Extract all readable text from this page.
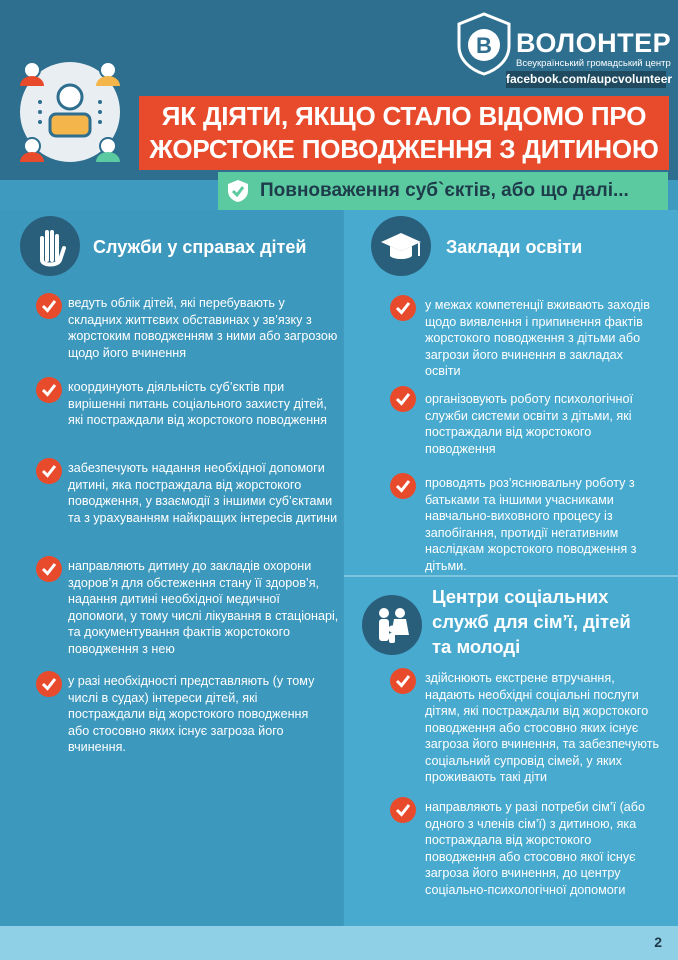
В ВОЛОНТЕР
Всеукраїнський громадський центр
facebook.com/aupcvolunteer
ЯК ДІЯТИ, ЯКЩО СТАЛО ВІДОМО ПРО
ЖОРСТОКЕ ПОВОДЖЕННЯ З ДИТИНОЮ
Повноваження суб`єктів, або що далі...
Служби у справах дітей
ведуть облік дітей, які перебувають у складних життєвих обставинах у зв’язку з жорстоким поводженням з ними або загрозою щодо його вчинення
координують діяльність суб’єктів при вирішенні питань соціального захисту дітей, які постраждали від жорстокого поводження
забезпечують надання необхідної допомоги дитині, яка постраждала від жорстокого поводження, у взаємодії з іншими суб’єктами та з урахуванням найкращих інтересів дитини
направляють дитину до закладів охорони здоров’я для обстеження стану її здоров’я, надання дитині необхідної медичної допомоги, у тому числі лікування в стаціонарі, та документування фактів жорстокого поводження з нею
у разі необхідності представляють (у тому числі в судах) інтереси дітей, які постраждали від жорстокого поводження або стосовно яких існує загроза його вчинення.
Заклади освіти
у межах компетенції вживають заходів щодо виявлення і припинення фактів жорстокого поводження з дітьми або загрози його вчинення в закладах освіти
організовують роботу психологічної служби системи освіти з дітьми, які постраждали від жорстокого поводження
проводять роз’яснювальну роботу з батьками та іншими учасниками навчально-виховного процесу із запобігання, протидії негативним наслідкам жорстокого поводження з дітьми.
Центри соціальних
служб для сім’ї, дітей
та молоді
здійснюють екстрене втручання, надають необхідні соціальні послуги дітям, які постраждали від жорстокого поводження або стосовно яких існує загроза його вчинення, та забезпечують соціальний супровід сімей, у яких проживають такі діти
направляють у разі потреби сім’ї (або одного з членів сім’ї) з дитиною, яка постраждала від жорстокого поводження або стосовно якої існує загроза його вчинення, до центру соціально-психологічної допомоги
2
